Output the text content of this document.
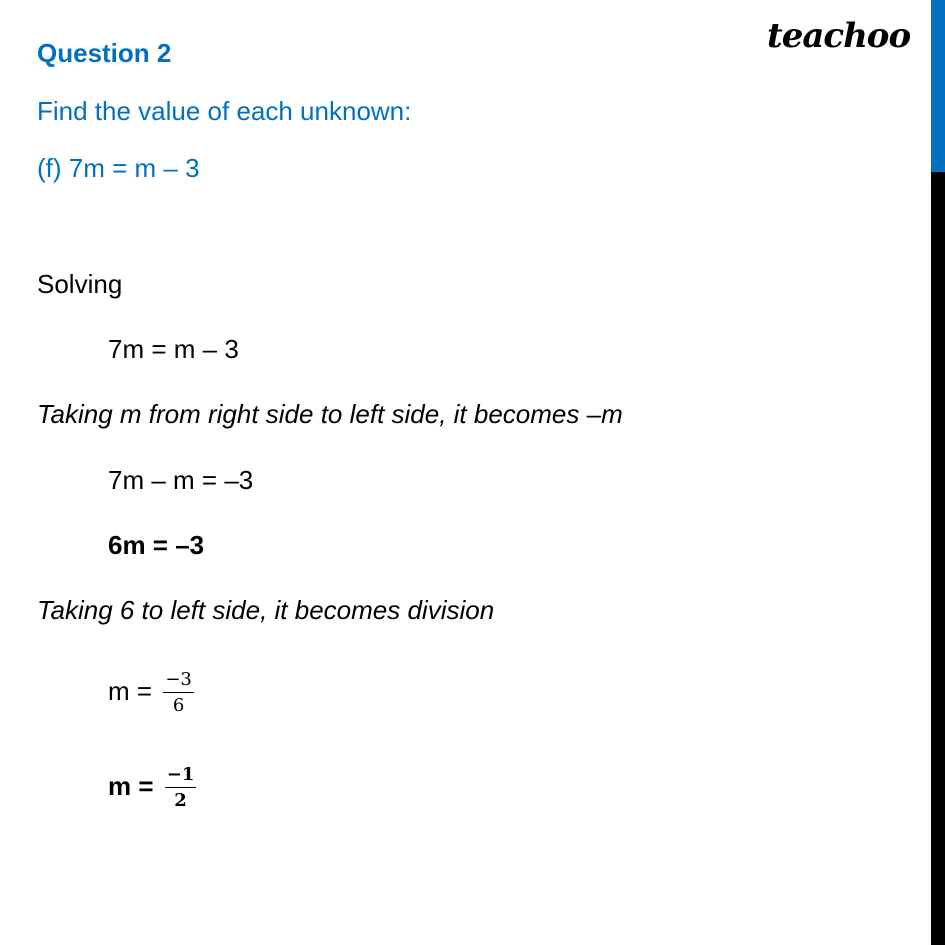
teachoo
Question 2
Find the value of each unknown:
(f) 7m = m – 3
Solving
7m = m – 3
Taking m from right side to left side, it becomes –m
7m – m = –3
6m = –3
Taking 6 to left side, it becomes division
$m = \frac{-3}{6}$
$m = \frac{-1}{2}$
